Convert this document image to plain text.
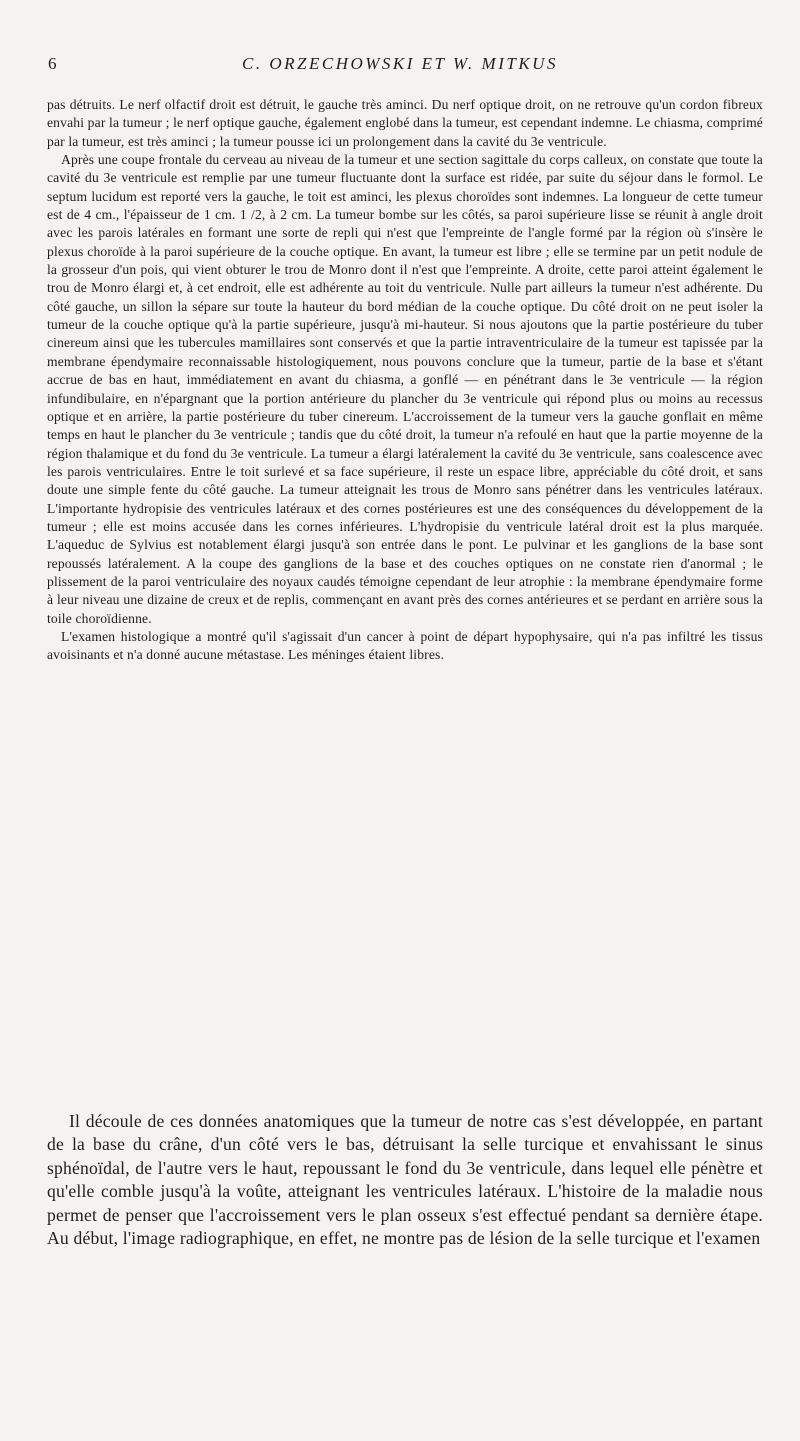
6	C. ORZECHOWSKI ET W. MITKUS

pas détruits. Le nerf olfactif droit est détruit, le gauche très aminci. Du nerf optique droit, on ne retrouve qu'un cordon fibreux envahi par la tumeur ; le nerf optique gauche, également englobé dans la tumeur, est cependant indemne. Le chiasma, comprimé par la tumeur, est très aminci ; la tumeur pousse ici un prolongement dans la cavité du 3e ventricule.

Après une coupe frontale du cerveau au niveau de la tumeur et une section sagittale du corps calleux, on constate que toute la cavité du 3e ventricule est remplie par une tumeur fluctuante dont la surface est ridée, par suite du séjour dans le formol. Le septum lucidum est reporté vers la gauche, le toit est aminci, les plexus choroïdes sont indemnes. La longueur de cette tumeur est de 4 cm., l'épaisseur de 1 cm. 1 /2, à 2 cm. La tumeur bombe sur les côtés, sa paroi supérieure lisse se réunit à angle droit avec les parois latérales en formant une sorte de repli qui n'est que l'empreinte de l'angle formé par la région où s'insère le plexus choroïde à la paroi supérieure de la couche optique. En avant, la tumeur est libre ; elle se termine par un petit nodule de la grosseur d'un pois, qui vient obturer le trou de Monro dont il n'est que l'empreinte. A droite, cette paroi atteint également le trou de Monro élargi et, à cet endroit, elle est adhérente au toit du ventricule. Nulle part ailleurs la tumeur n'est adhérente. Du côté gauche, un sillon la sépare sur toute la hauteur du bord médian de la couche optique. Du côté droit on ne peut isoler la tumeur de la couche optique qu'à la partie supérieure, jusqu'à mi-hauteur. Si nous ajoutons que la partie postérieure du tuber cinereum ainsi que les tubercules mamillaires sont conservés et que la partie intraventriculaire de la tumeur est tapissée par la membrane épendymaire reconnaissable histologiquement, nous pouvons conclure que la tumeur, partie de la base et s'étant accrue de bas en haut, immédiatement en avant du chiasma, a gonflé — en pénétrant dans le 3e ventricule — la région infundibulaire, en n'épargnant que la portion antérieure du plancher du 3e ventricule qui répond plus ou moins au recessus optique et en arrière, la partie postérieure du tuber cinereum. L'accroissement de la tumeur vers la gauche gonflait en même temps en haut le plancher du 3e ventricule ; tandis que du côté droit, la tumeur n'a refoulé en haut que la partie moyenne de la région thalamique et du fond du 3e ventricule. La tumeur a élargi latéralement la cavité du 3e ventricule, sans coalescence avec les parois ventriculaires. Entre le toit surlevé et sa face supérieure, il reste un espace libre, appréciable du côté droit, et sans doute une simple fente du côté gauche. La tumeur atteignait les trous de Monro sans pénétrer dans les ventricules latéraux. L'importante hydropisie des ventricules latéraux et des cornes postérieures est une des conséquences du développement de la tumeur ; elle est moins accusée dans les cornes inférieures. L'hydropisie du ventricule latéral droit est la plus marquée. L'aqueduc de Sylvius est notablement élargi jusqu'à son entrée dans le pont. Le pulvinar et les ganglions de la base sont repoussés latéralement. A la coupe des ganglions de la base et des couches optiques on ne constate rien d'anormal ; le plissement de la paroi ventriculaire des noyaux caudés témoigne cependant de leur atrophie : la membrane épendymaire forme à leur niveau une dizaine de creux et de replis, commençant en avant près des cornes antérieures et se perdant en arrière sous la toile choroïdienne.

L'examen histologique a montré qu'il s'agissait d'un cancer à point de départ hypophysaire, qui n'a pas infiltré les tissus avoisinants et n'a donné aucune métastase. Les méninges étaient libres.

Il découle de ces données anatomiques que la tumeur de notre cas s'est développée, en partant de la base du crâne, d'un côté vers le bas, détruisant la selle turcique et envahissant le sinus sphénoïdal, de l'autre vers le haut, repoussant le fond du 3e ventricule, dans lequel elle pénètre et qu'elle comble jusqu'à la voûte, atteignant les ventricules latéraux. L'histoire de la maladie nous permet de penser que l'accroissement vers le plan osseux s'est effectué pendant sa dernière étape. Au début, l'image radiographique, en effet, ne montre pas de lésion de la selle turcique et l'examen
